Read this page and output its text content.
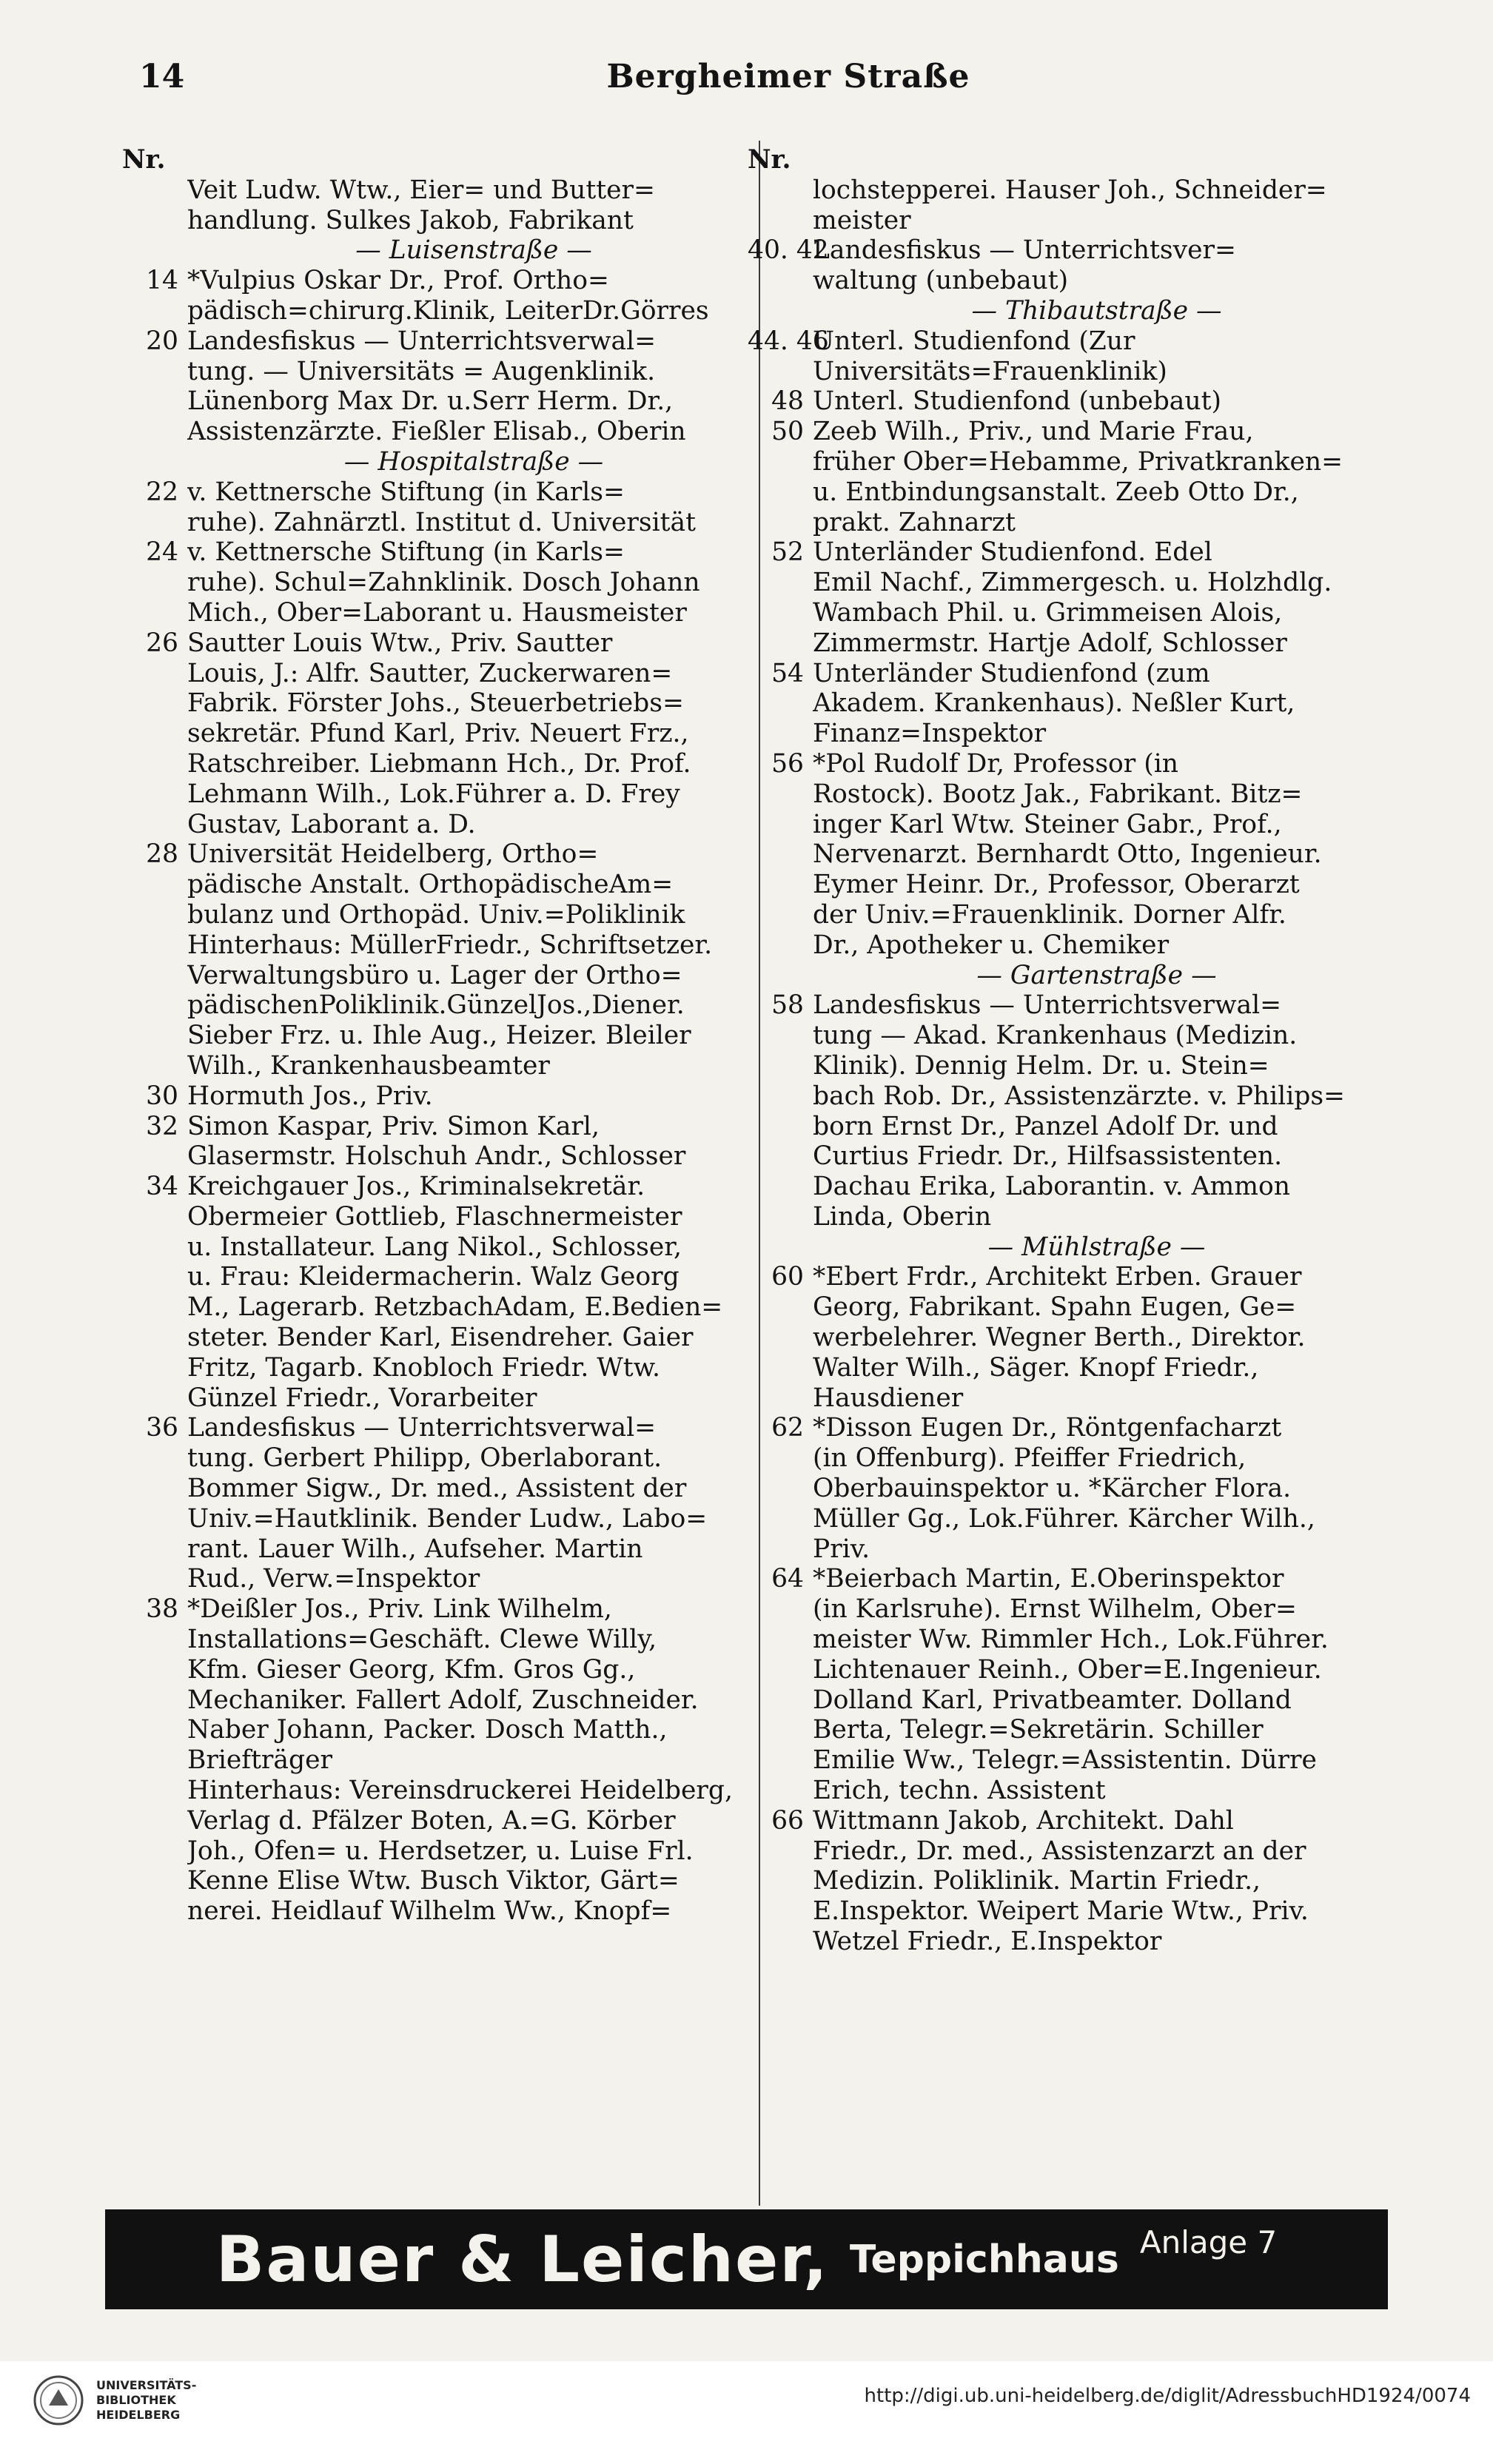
14	Bergheimer Straße
Nr.
Veit Ludw. Wtw., Eier= und Butter=
handlung. Sulkes Jakob, Fabrikant
— Luisenstraße —
14 *Vulpius Oskar Dr., Prof. Ortho=
pädisch=chirurg.Klinik, LeiterDr.Görres
20 Landesfiskus — Unterrichtsverwal=
tung. — Universitäts = Augenklinik.
Lünenborg Max Dr. u.Serr Herm. Dr.,
Assistenzärzte. Fießler Elisab., Oberin
— Hospitalstraße —
22 v. Kettnersche Stiftung (in Karls=
ruhe). Zahnärztl. Institut d. Universität
24 v. Kettnersche Stiftung (in Karls=
ruhe). Schul=Zahnklinik. Dosch Johann
Mich., Ober=Laborant u. Hausmeister
26 Sautter Louis Wtw., Priv. Sautter
Louis, J.: Alfr. Sautter, Zuckerwaren=
Fabrik. Förster Johs., Steuerbetriebs=
sekretär. Pfund Karl, Priv. Neuert Frz.,
Ratschreiber. Liebmann Hch., Dr. Prof.
Lehmann Wilh., Lok.Führer a. D. Frey
Gustav, Laborant a. D.
28 Universität Heidelberg, Ortho=
pädische Anstalt. OrthopädischeAm=
bulanz und Orthopäd. Univ.=Poliklinik
Hinterhaus: MüllerFriedr., Schriftsetzer.
Verwaltungsbüro u. Lager der Ortho=
pädischenPoliklinik.GünzelJos.,Diener.
Sieber Frz. u. Ihle Aug., Heizer. Bleiler
Wilh., Krankenhausbeamter
30 Hormuth Jos., Priv.
32 Simon Kaspar, Priv. Simon Karl,
Glasermstr. Holschuh Andr., Schlosser
34 Kreichgauer Jos., Kriminalsekretär.
Obermeier Gottlieb, Flaschnermeister
u. Installateur. Lang Nikol., Schlosser,
u. Frau: Kleidermacherin. Walz Georg
M., Lagerarb. RetzbachAdam, E.Bedien=
steter. Bender Karl, Eisendreher. Gaier
Fritz, Tagarb. Knobloch Friedr. Wtw.
Günzel Friedr., Vorarbeiter
36 Landesfiskus — Unterrichtsverwal=
tung. Gerbert Philipp, Oberlaborant.
Bommer Sigw., Dr. med., Assistent der
Univ.=Hautklinik. Bender Ludw., Labo=
rant. Lauer Wilh., Aufseher. Martin
Rud., Verw.=Inspektor
38 *Deißler Jos., Priv. Link Wilhelm,
Installations=Geschäft. Clewe Willy,
Kfm. Gieser Georg, Kfm. Gros Gg.,
Mechaniker. Fallert Adolf, Zuschneider.
Naber Johann, Packer. Dosch Matth.,
Briefträger
Hinterhaus: Vereinsdruckerei Heidelberg,
Verlag d. Pfälzer Boten, A.=G. Körber
Joh., Ofen= u. Herdsetzer, u. Luise Frl.
Kenne Elise Wtw. Busch Viktor, Gärt=
nerei. Heidlauf Wilhelm Ww., Knopf=
Nr.
lochstepperei. Hauser Joh., Schneider=
meister
40. 42
Landesfiskus — Unterrichtsver=
waltung (unbebaut)
— Thibautstraße —
44. 46
Unterl. Studienfond (Zur
Universitäts=Frauenklinik)
48 Unterl. Studienfond (unbebaut)
50 Zeeb Wilh., Priv., und Marie Frau,
früher Ober=Hebamme, Privatkranken=
u. Entbindungsanstalt. Zeeb Otto Dr.,
prakt. Zahnarzt
52 Unterländer Studienfond. Edel
Emil Nachf., Zimmergesch. u. Holzhdlg.
Wambach Phil. u. Grimmeisen Alois,
Zimmermstr. Hartje Adolf, Schlosser
54 Unterländer Studienfond (zum
Akadem. Krankenhaus). Neßler Kurt,
Finanz=Inspektor
56 *Pol Rudolf Dr, Professor (in
Rostock). Bootz Jak., Fabrikant. Bitz=
inger Karl Wtw. Steiner Gabr., Prof.,
Nervenarzt. Bernhardt Otto, Ingenieur.
Eymer Heinr. Dr., Professor, Oberarzt
der Univ.=Frauenklinik. Dorner Alfr.
Dr., Apotheker u. Chemiker
— Gartenstraße —
58 Landesfiskus — Unterrichtsverwal=
tung — Akad. Krankenhaus (Medizin.
Klinik). Dennig Helm. Dr. u. Stein=
bach Rob. Dr., Assistenzärzte. v. Philips=
born Ernst Dr., Panzel Adolf Dr. und
Curtius Friedr. Dr., Hilfsassistenten.
Dachau Erika, Laborantin. v. Ammon
Linda, Oberin
— Mühlstraße —
60 *Ebert Frdr., Architekt Erben. Grauer
Georg, Fabrikant. Spahn Eugen, Ge=
werbelehrer. Wegner Berth., Direktor.
Walter Wilh., Säger. Knopf Friedr.,
Hausdiener
62 *Disson Eugen Dr., Röntgenfacharzt
(in Offenburg). Pfeiffer Friedrich,
Oberbauinspektor u. *Kärcher Flora.
Müller Gg., Lok.Führer. Kärcher Wilh.,
Priv.
64 *Beierbach Martin, E.Oberinspektor
(in Karlsruhe). Ernst Wilhelm, Ober=
meister Ww. Rimmler Hch., Lok.Führer.
Lichtenauer Reinh., Ober=E.Ingenieur.
Dolland Karl, Privatbeamter. Dolland
Berta, Telegr.=Sekretärin. Schiller
Emilie Ww., Telegr.=Assistentin. Dürre
Erich, techn. Assistent
66 Wittmann Jakob, Architekt. Dahl
Friedr., Dr. med., Assistenzarzt an der
Medizin. Poliklinik. Martin Friedr.,
E.Inspektor. Weipert Marie Wtw., Priv.
Wetzel Friedr., E.Inspektor
Bauer & Leicher, Teppichhaus Anlage 7
UNIVERSITÄTS-
BIBLIOTHEK
HEIDELBERG
http://digi.ub.uni-heidelberg.de/diglit/AdressbuchHD1924/0074
